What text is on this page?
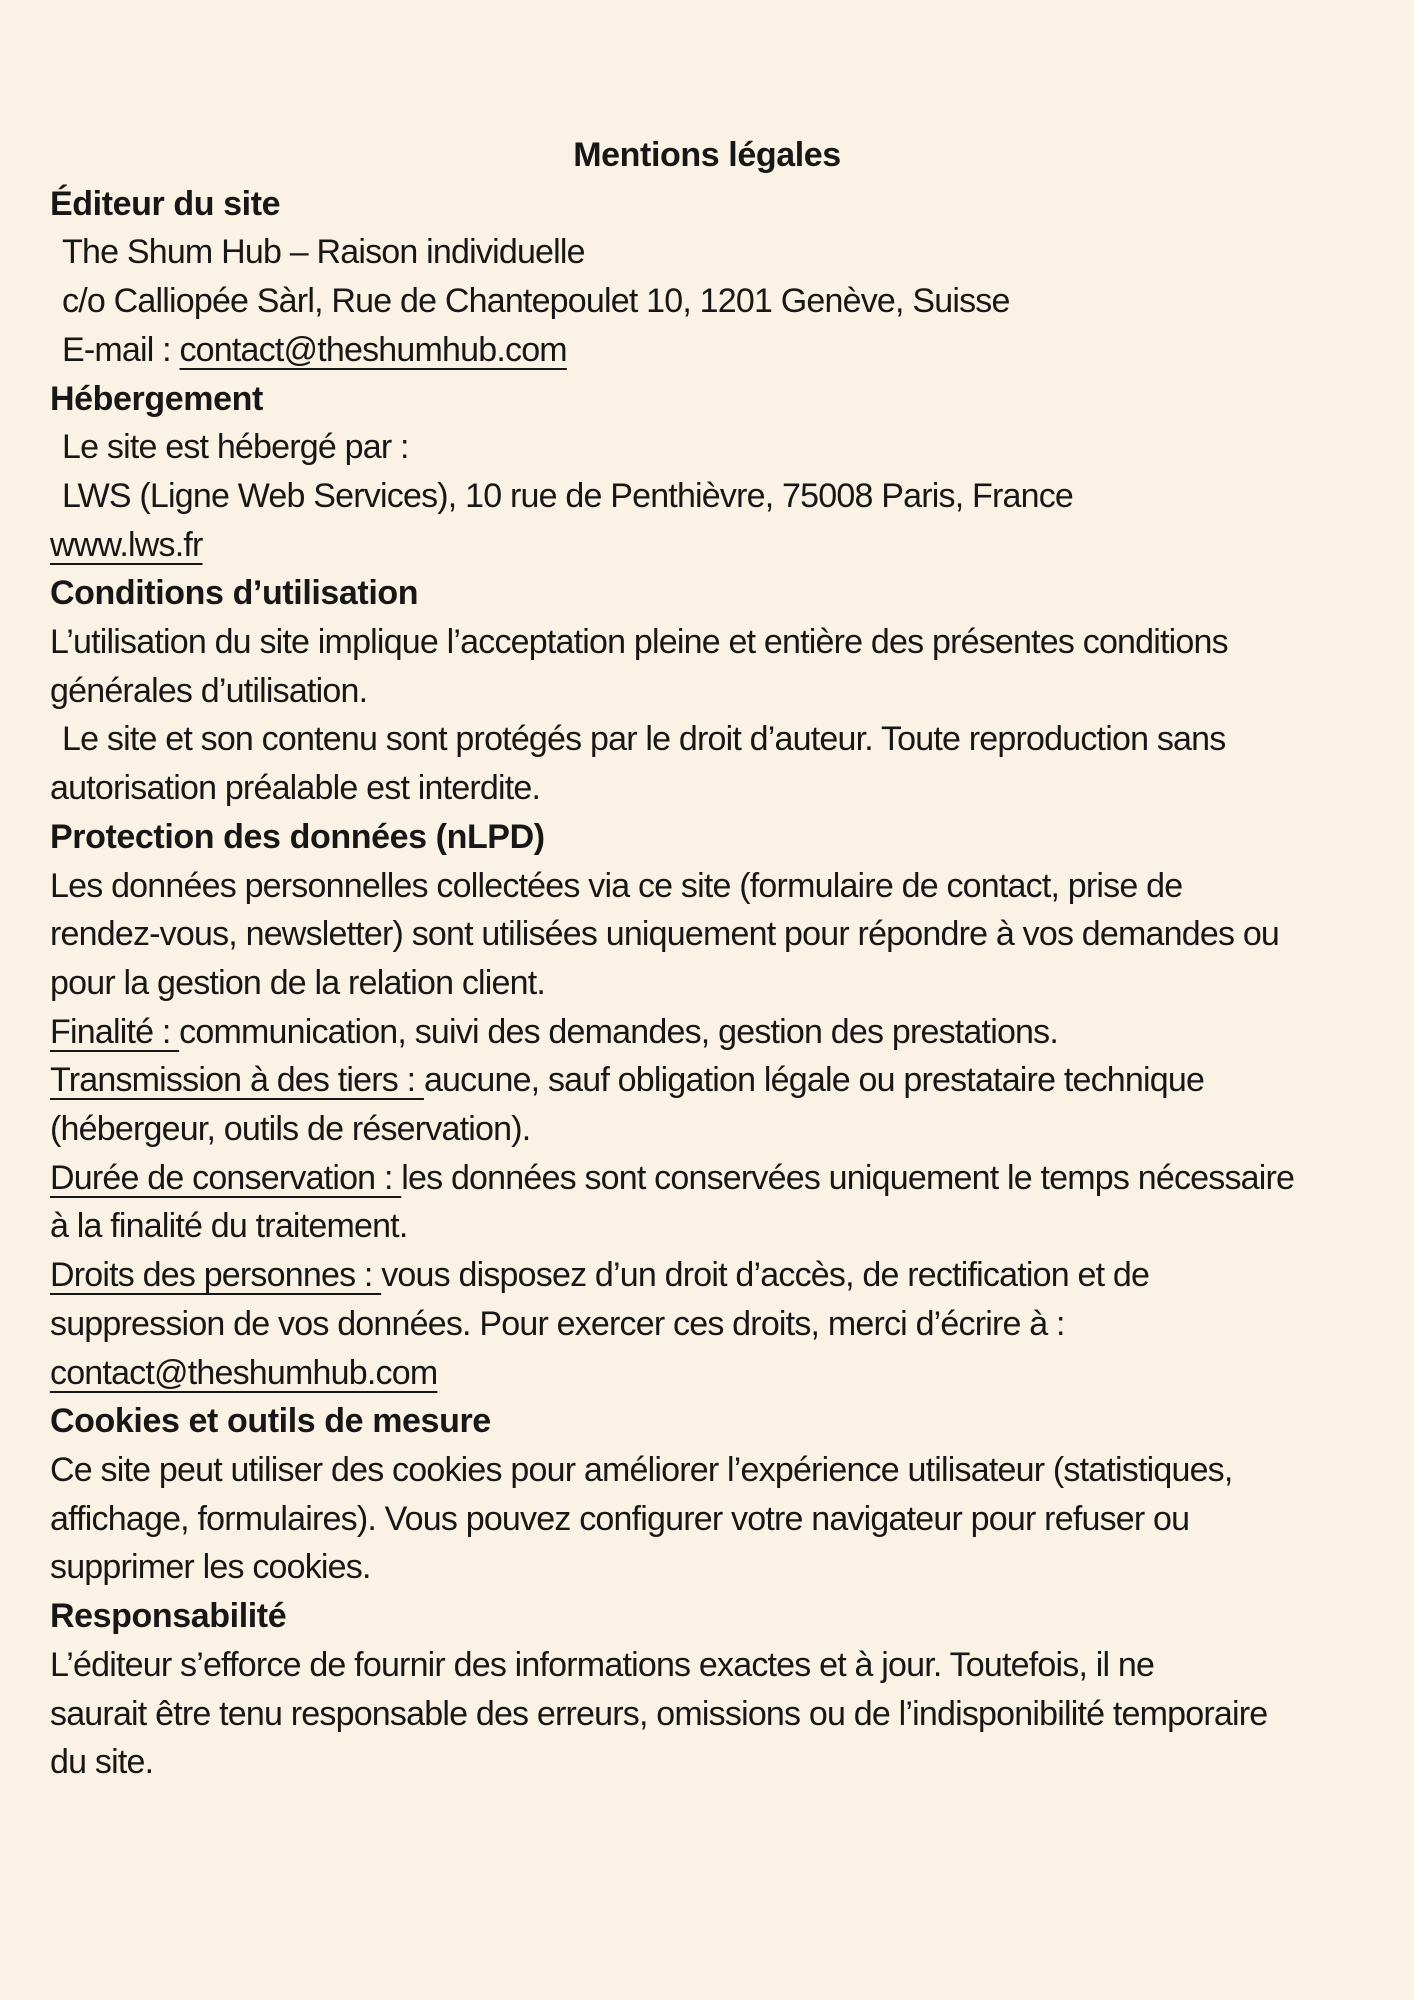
Mentions légales
Éditeur du site
The Shum Hub – Raison individuelle
c/o Calliopée Sàrl, Rue de Chantepoulet 10, 1201 Genève, Suisse
E-mail : contact@theshumhub.com
Hébergement
Le site est hébergé par :
LWS (Ligne Web Services), 10 rue de Penthièvre, 75008 Paris, France
www.lws.fr
Conditions d’utilisation
L’utilisation du site implique l’acceptation pleine et entière des présentes conditions
générales d’utilisation.
Le site et son contenu sont protégés par le droit d’auteur. Toute reproduction sans
autorisation préalable est interdite.
Protection des données (nLPD)
Les données personnelles collectées via ce site (formulaire de contact, prise de
rendez-vous, newsletter) sont utilisées uniquement pour répondre à vos demandes ou
pour la gestion de la relation client.
Finalité : communication, suivi des demandes, gestion des prestations.
Transmission à des tiers : aucune, sauf obligation légale ou prestataire technique
(hébergeur, outils de réservation).
Durée de conservation : les données sont conservées uniquement le temps nécessaire
à la finalité du traitement.
Droits des personnes : vous disposez d’un droit d’accès, de rectification et de
suppression de vos données. Pour exercer ces droits, merci d’écrire à :
contact@theshumhub.com
Cookies et outils de mesure
Ce site peut utiliser des cookies pour améliorer l’expérience utilisateur (statistiques,
affichage, formulaires). Vous pouvez configurer votre navigateur pour refuser ou
supprimer les cookies.
Responsabilité
L’éditeur s’efforce de fournir des informations exactes et à jour. Toutefois, il ne
saurait être tenu responsable des erreurs, omissions ou de l’indisponibilité temporaire
du site.
